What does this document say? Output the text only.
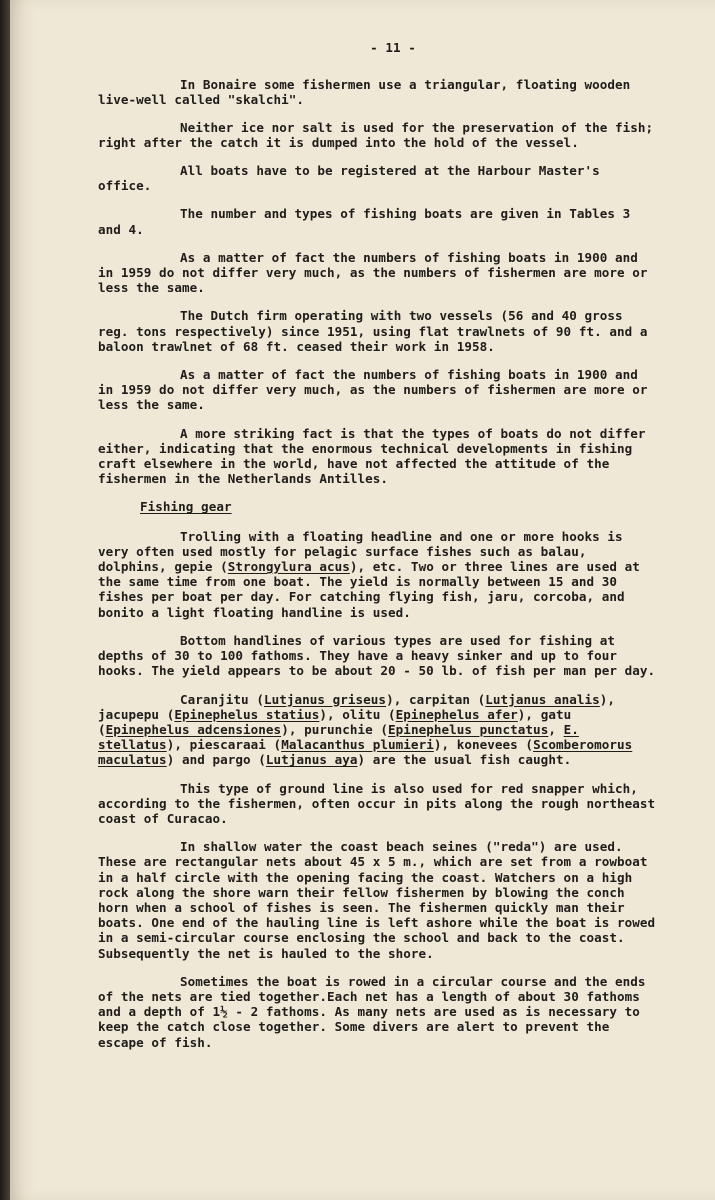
- 11 -

In Bonaire some fishermen use a triangular, floating wooden live-well called "skalchi".

Neither ice nor salt is used for the preservation of the fish; right after the catch it is dumped into the hold of the vessel.

All boats have to be registered at the Harbour Master's office.

The number and types of fishing boats are given in Tables 3 and 4.

As a matter of fact the numbers of fishing boats in 1900 and in 1959 do not differ very much, as the numbers of fishermen are more or less the same.

The Dutch firm operating with two vessels (56 and 40 gross reg. tons respectively) since 1951, using flat trawlnets of 90 ft. and a baloon trawlnet of 68 ft. ceased their work in 1958.

As a matter of fact the numbers of fishing boats in 1900 and in 1959 do not differ very much, as the numbers of fishermen are more or less the same.

A more striking fact is that the types of boats do not differ either, indicating that the enormous technical developments in fishing craft elsewhere in the world, have not affected the attitude of the fishermen in the Netherlands Antilles.

Fishing gear

Trolling with a floating headline and one or more hooks is very often used mostly for pelagic surface fishes such as balau, dolphins, gepie (Strongylura acus), etc. Two or three lines are used at the same time from one boat. The yield is normally between 15 and 30 fishes per boat per day. For catching flying fish, jaru, corcoba, and bonito a light floating handline is used.

Bottom handlines of various types are used for fishing at depths of 30 to 100 fathoms. They have a heavy sinker and up to four hooks. The yield appears to be about 20 - 50 lb. of fish per man per day.

Caranjitu (Lutjanus griseus), carpitan (Lutjanus analis), jacupepu (Epinephelus statius), olitu (Epinephelus afer), gatu (Epinephelus adcensiones), purunchie (Epinephelus punctatus, E. stellatus), piescaraai (Malacanthus plumieri), konevees (Scomberomorus maculatus) and pargo (Lutjanus aya) are the usual fish caught.

This type of ground line is also used for red snapper which, according to the fishermen, often occur in pits along the rough northeast coast of Curacao.

In shallow water the coast beach seines ("reda") are used. These are rectangular nets about 45 x 5 m., which are set from a rowboat in a half circle with the opening facing the coast. Watchers on a high rock along the shore warn their fellow fishermen by blowing the conch horn when a school of fishes is seen. The fishermen quickly man their boats. One end of the hauling line is left ashore while the boat is rowed in a semi-circular course enclosing the school and back to the coast. Subsequently the net is hauled to the shore.

Sometimes the boat is rowed in a circular course and the ends of the nets are tied together.Each net has a length of about 30 fathoms and a depth of 1½ - 2 fathoms. As many nets are used as is necessary to keep the catch close together. Some divers are alert to prevent the escape of fish.
